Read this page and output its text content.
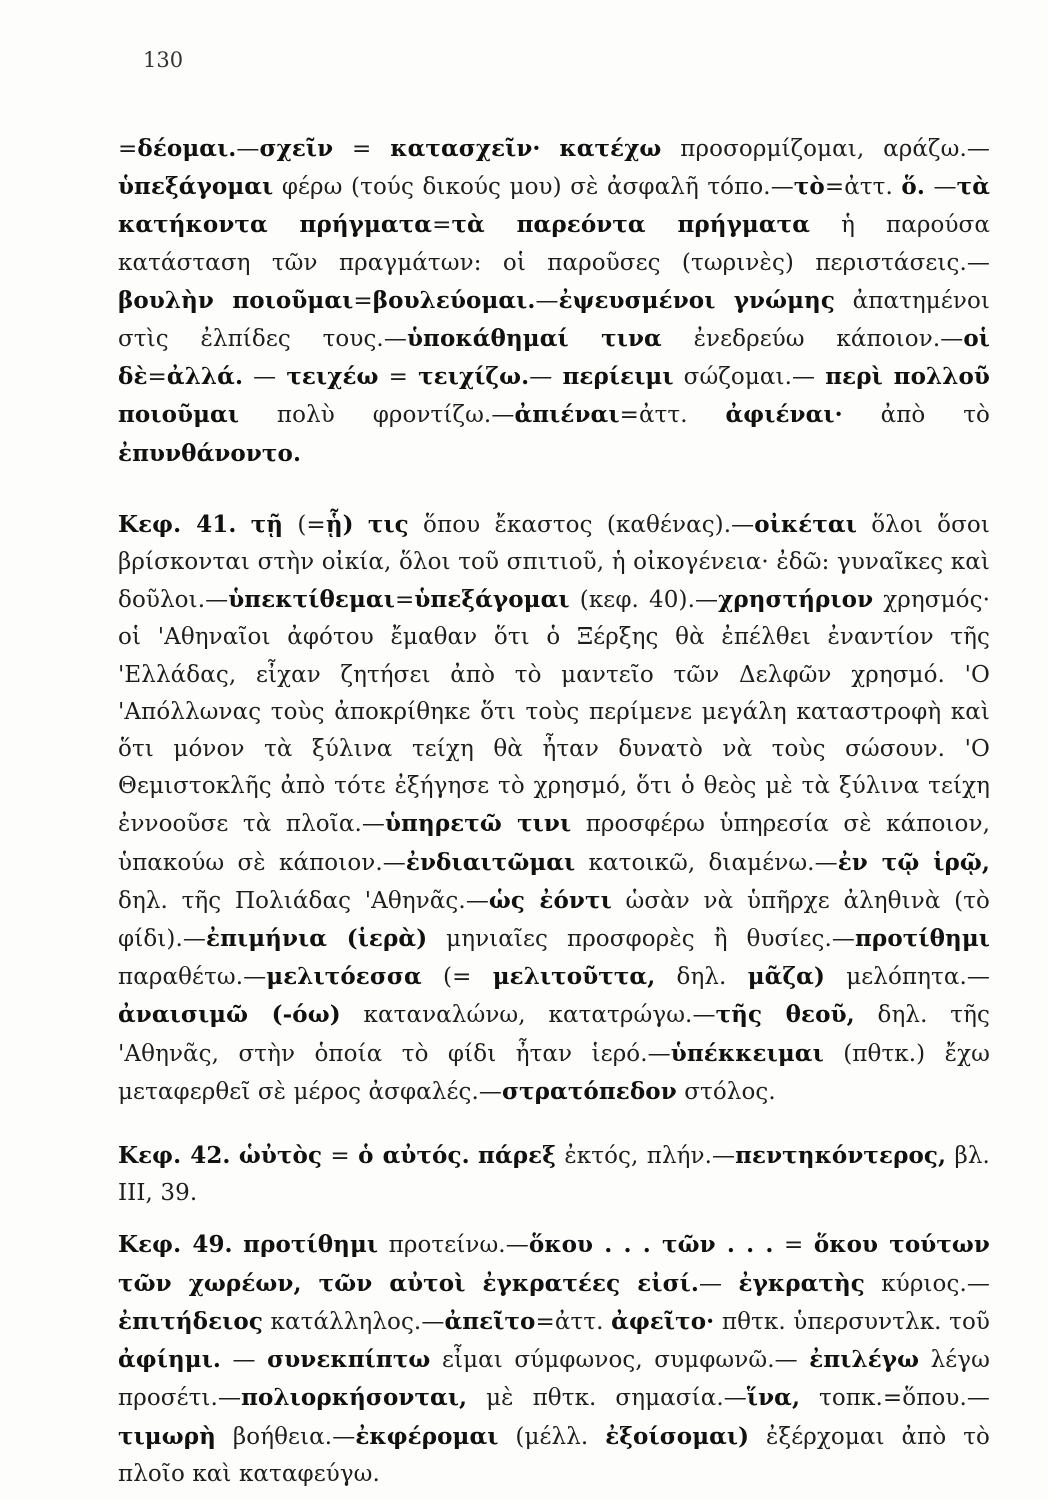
130

=δέομαι.—σχεῖν = κατασχεῖν· κατέχω προσορμίζομαι, αράζω.— ὑπεξάγομαι φέρω (τούς δικούς μου) σὲ ἀσφαλῆ τόπο.—τὸ=ἀττ. ὅ. —τὰ κατήκοντα πρήγματα=τὰ παρεόντα πρήγματα ἡ παρούσα κατάσταση τῶν πραγμάτων: οἱ παροῦσες (τωρινὲς) περιστάσεις.— βουλὴν ποιοῦμαι=βουλεύομαι.—ἐψευσμένοι γνώμης ἀπατημένοι στὶς ἐλπίδες τους.—ὑποκάθημαί τινα ἐνεδρεύω κάποιον.—οἱ δὲ=ἀλλά. — τειχέω = τειχίζω.— περίειμι σώζομαι.— περὶ πολλοῦ ποιοῦμαι πολὺ φροντίζω.—ἀπιέναι=ἀττ. ἀφιέναι· ἀπὸ τὸ ἐπυνθάνοντο.

Κεφ. 41. τῇ (=ᾗ) τις ὅπου ἔκαστος (καθένας).—οἰκέται ὅλοι ὅσοι βρίσκονται στὴν οἰκία, ὅλοι τοῦ σπιτιοῦ, ἡ οἰκογένεια· ἐδῶ: γυναῖκες καὶ δοῦλοι.—ὑπεκτίθεμαι=ὑπεξάγομαι (κεφ. 40).—χρηστήριον χρησμός· οἱ 'Αθηναῖοι ἀφότου ἔμαθαν ὅτι ὁ Ξέρξης θὰ ἐπέλθει ἐναντίον τῆς 'Ελλάδας, εἶχαν ζητήσει ἀπὸ τὸ μαντεῖο τῶν Δελφῶν χρησμό. 'Ο 'Απόλλωνας τοὺς ἀποκρίθηκε ὅτι τοὺς περίμενε μεγάλη καταστροφὴ καὶ ὅτι μόνον τὰ ξύλινα τείχη θὰ ἦταν δυνατὸ νὰ τοὺς σώσουν. 'Ο Θεμιστοκλῆς ἀπὸ τότε ἐξήγησε τὸ χρησμό, ὅτι ὁ θεὸς μὲ τὰ ξύλινα τείχη ἐννοοῦσε τὰ πλοῖα.—ὑπηρετῶ τινι προσφέρω ὑπηρεσία σὲ κάποιον, ὑπακούω σὲ κάποιον.—ἐνδιαιτῶμαι κατοικῶ, διαμένω.—ἐν τῷ ἱρῷ, δηλ. τῆς Πολιάδας 'Αθηνᾶς.—ὡς ἐόντι ὡσὰν νὰ ὑπῆρχε ἀληθινὰ (τὸ φίδι).—ἐπιμήνια (ἱερὰ) μηνιαῖες προσφορὲς ἢ θυσίες.—προτίθημι παραθέτω.—μελιτόεσσα (= μελιτοῦττα, δηλ. μᾶζα) μελόπητα.—ἀναισιμῶ (-όω) καταναλώνω, κατατρώγω.—τῆς θεοῦ, δηλ. τῆς 'Αθηνᾶς, στὴν ὁποία τὸ φίδι ἦταν ἱερό.—ὑπέκκειμαι (πθτκ.) ἔχω μεταφερθεῖ σὲ μέρος ἀσφαλές.—στρατόπεδον στόλος.

Κεφ. 42. ὡὐτὸς = ὁ αὐτός. πάρεξ ἐκτός, πλήν.—πεντηκόντερος, βλ. III, 39.

Κεφ. 49. προτίθημι προτείνω.—ὅκου . . . τῶν . . . = ὅκου τούτων τῶν χωρέων, τῶν αὐτοὶ ἐγκρατέες εἰσί.— ἐγκρατὴς κύριος.—ἐπιτήδειος κατάλληλος.—ἀπεῖτο=ἀττ. ἀφεῖτο· πθτκ. ὑπερσυντλκ. τοῦ ἀφίημι. — συνεκπίπτω εἶμαι σύμφωνος, συμφωνῶ.— ἐπιλέγω λέγω προσέτι.—πολιορκήσονται, μὲ πθτκ. σημασία.—ἵνα, τοπκ.=ὅπου.—τιμωρὴ βοήθεια.—ἐκφέρομαι (μέλλ. ἐξοίσομαι) ἐξέρχομαι ἀπὸ τὸ πλοῖο καὶ καταφεύγω.
